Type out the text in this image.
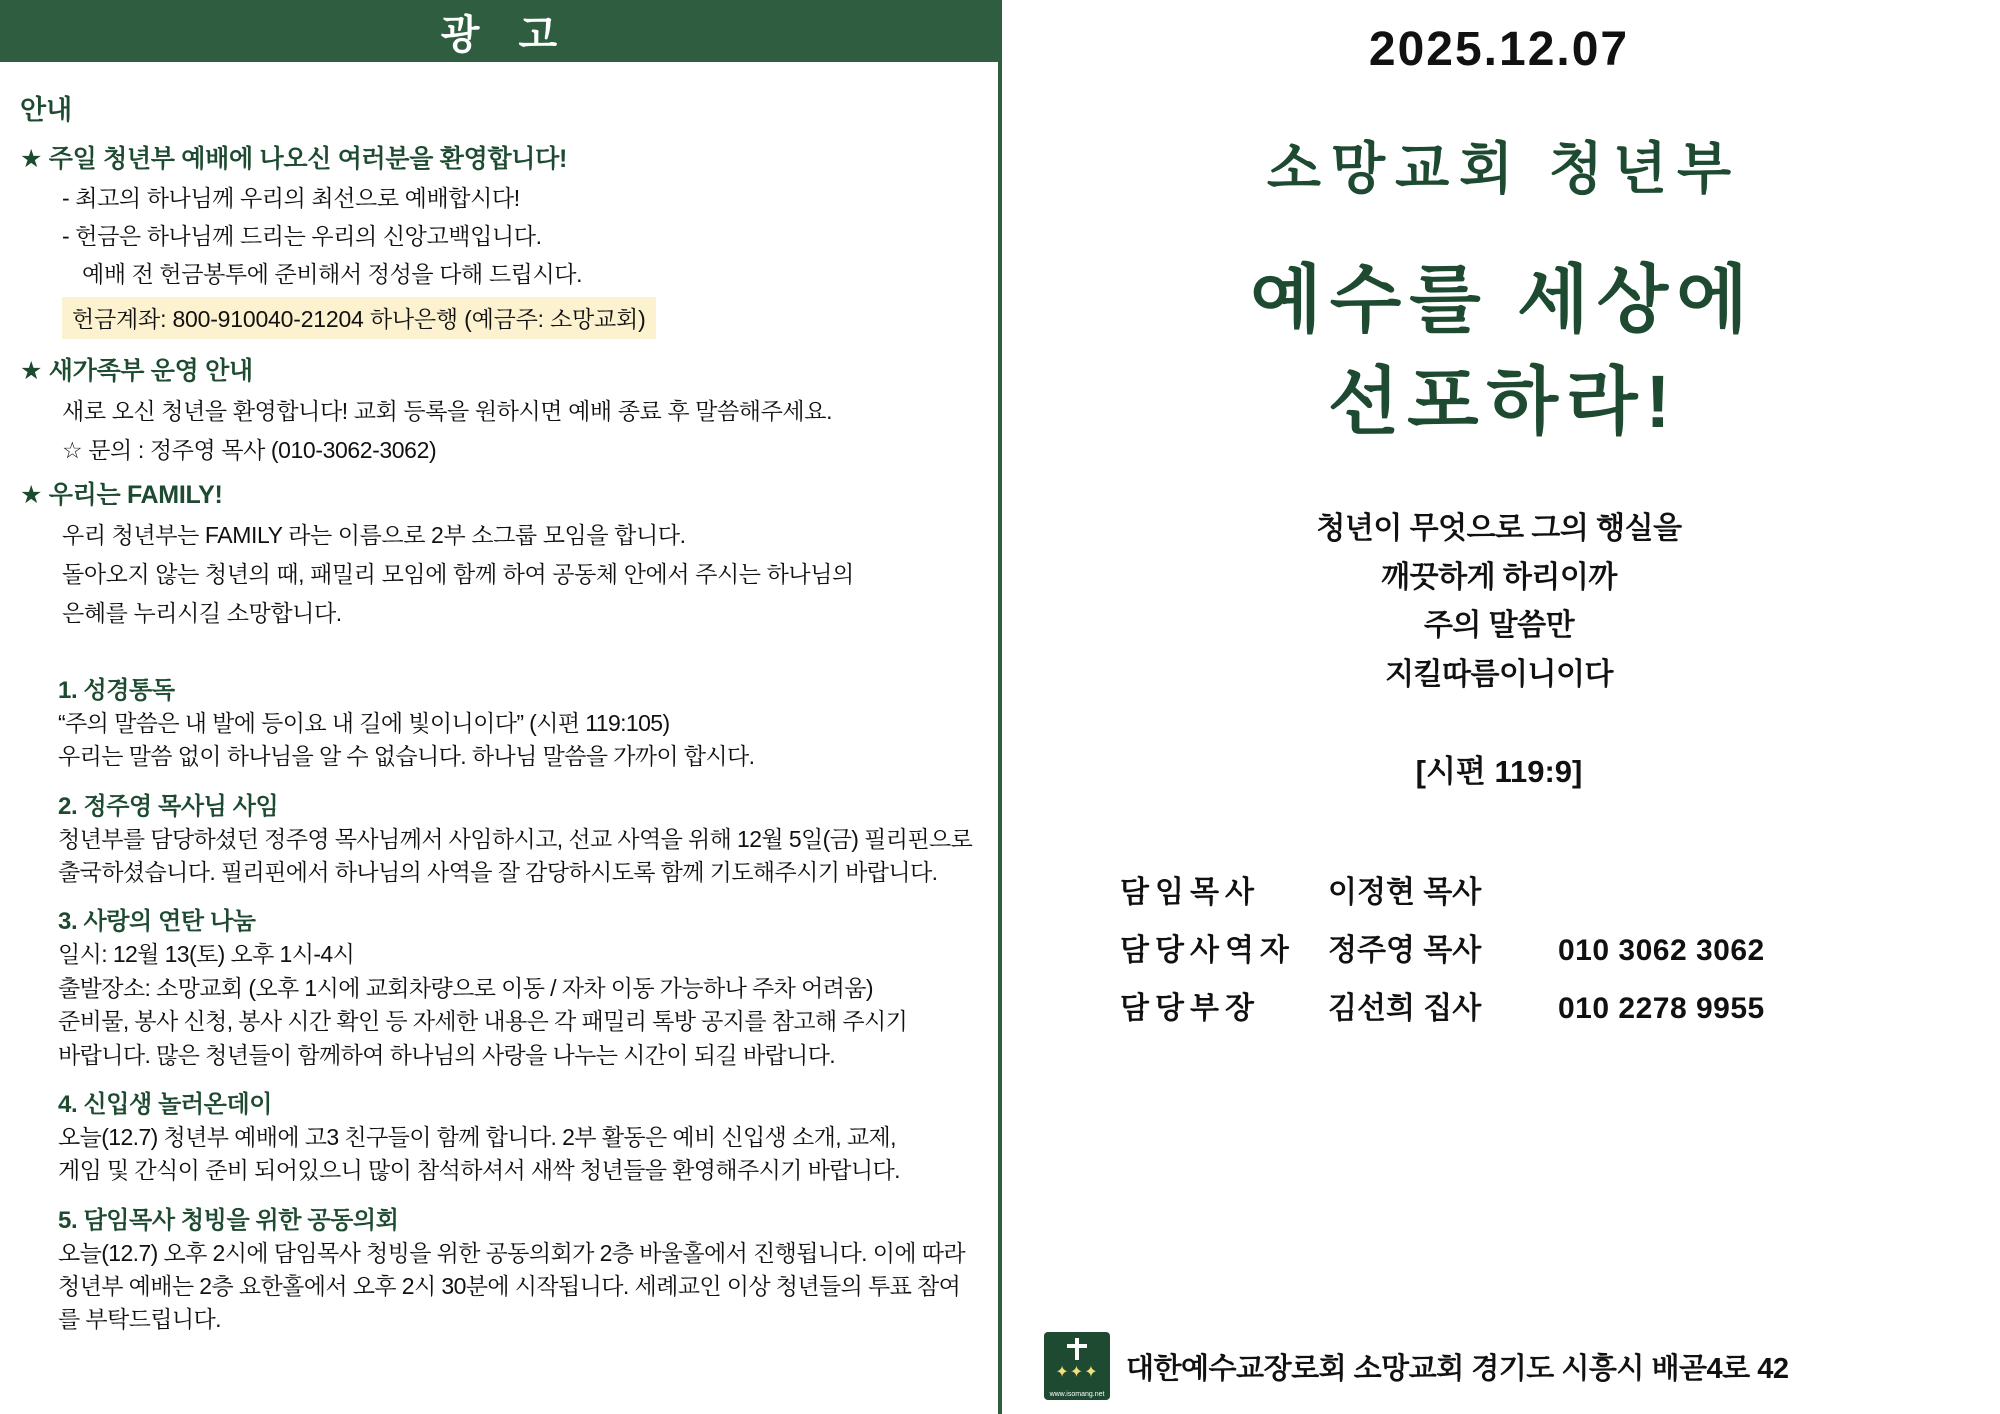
광 고
안내
★ 주일 청년부 예배에 나오신 여러분을 환영합니다!
- 최고의 하나님께 우리의 최선으로 예배합시다!
- 헌금은 하나님께 드리는 우리의 신앙고백입니다.
예배 전 헌금봉투에 준비해서 정성을 다해 드립시다.
헌금계좌: 800-910040-21204 하나은행 (예금주: 소망교회)
★ 새가족부 운영 안내
새로 오신 청년을 환영합니다! 교회 등록을 원하시면 예배 종료 후 말씀해주세요.
☆ 문의 : 정주영 목사 (010-3062-3062)
★ 우리는 FAMILY!
우리 청년부는 FAMILY 라는 이름으로 2부 소그룹 모임을 합니다.
돌아오지 않는 청년의 때, 패밀리 모임에 함께 하여 공동체 안에서 주시는 하나님의
은혜를 누리시길 소망합니다.
1. 성경통독
“주의 말씀은 내 발에 등이요 내 길에 빛이니이다” (시편 119:105)
우리는 말씀 없이 하나님을 알 수 없습니다. 하나님 말씀을 가까이 합시다.
2. 정주영 목사님 사임
청년부를 담당하셨던 정주영 목사님께서 사임하시고, 선교 사역을 위해 12월 5일(금) 필리핀으로
출국하셨습니다. 필리핀에서 하나님의 사역을 잘 감당하시도록 함께 기도해주시기 바랍니다.
3. 사랑의 연탄 나눔
일시: 12월 13(토) 오후 1시-4시
출발장소: 소망교회 (오후 1시에 교회차량으로 이동 / 자차 이동 가능하나 주차 어려움)
준비물, 봉사 신청, 봉사 시간 확인 등 자세한 내용은 각 패밀리 톡방 공지를 참고해 주시기
바랍니다. 많은 청년들이 함께하여 하나님의 사랑을 나누는 시간이 되길 바랍니다.
4. 신입생 놀러온데이
오늘(12.7) 청년부 예배에 고3 친구들이 함께 합니다. 2부 활동은 예비 신입생 소개, 교제,
게임 및 간식이 준비 되어있으니 많이 참석하셔서 새싹 청년들을 환영해주시기 바랍니다.
5. 담임목사 청빙을 위한 공동의회
오늘(12.7) 오후 2시에 담임목사 청빙을 위한 공동의회가 2층 바울홀에서 진행됩니다. 이에 따라
청년부 예배는 2층 요한홀에서 오후 2시 30분에 시작됩니다. 세례교인 이상 청년들의 투표 참여
를 부탁드립니다.
2025.12.07
소망교회 청년부
예수를 세상에
선포하라!
청년이 무엇으로 그의 행실을
깨끗하게 하리이까
주의 말씀만
지킬따름이니이다
[시편 119:9]
담임목사	이정현 목사
담당사역자	정주영 목사	010 3062 3062
담당부장	김선희 집사	010 2278 9955
✦✦✦
www.isomang.net
대한예수교장로회 소망교회 경기도 시흥시 배곧4로 42
